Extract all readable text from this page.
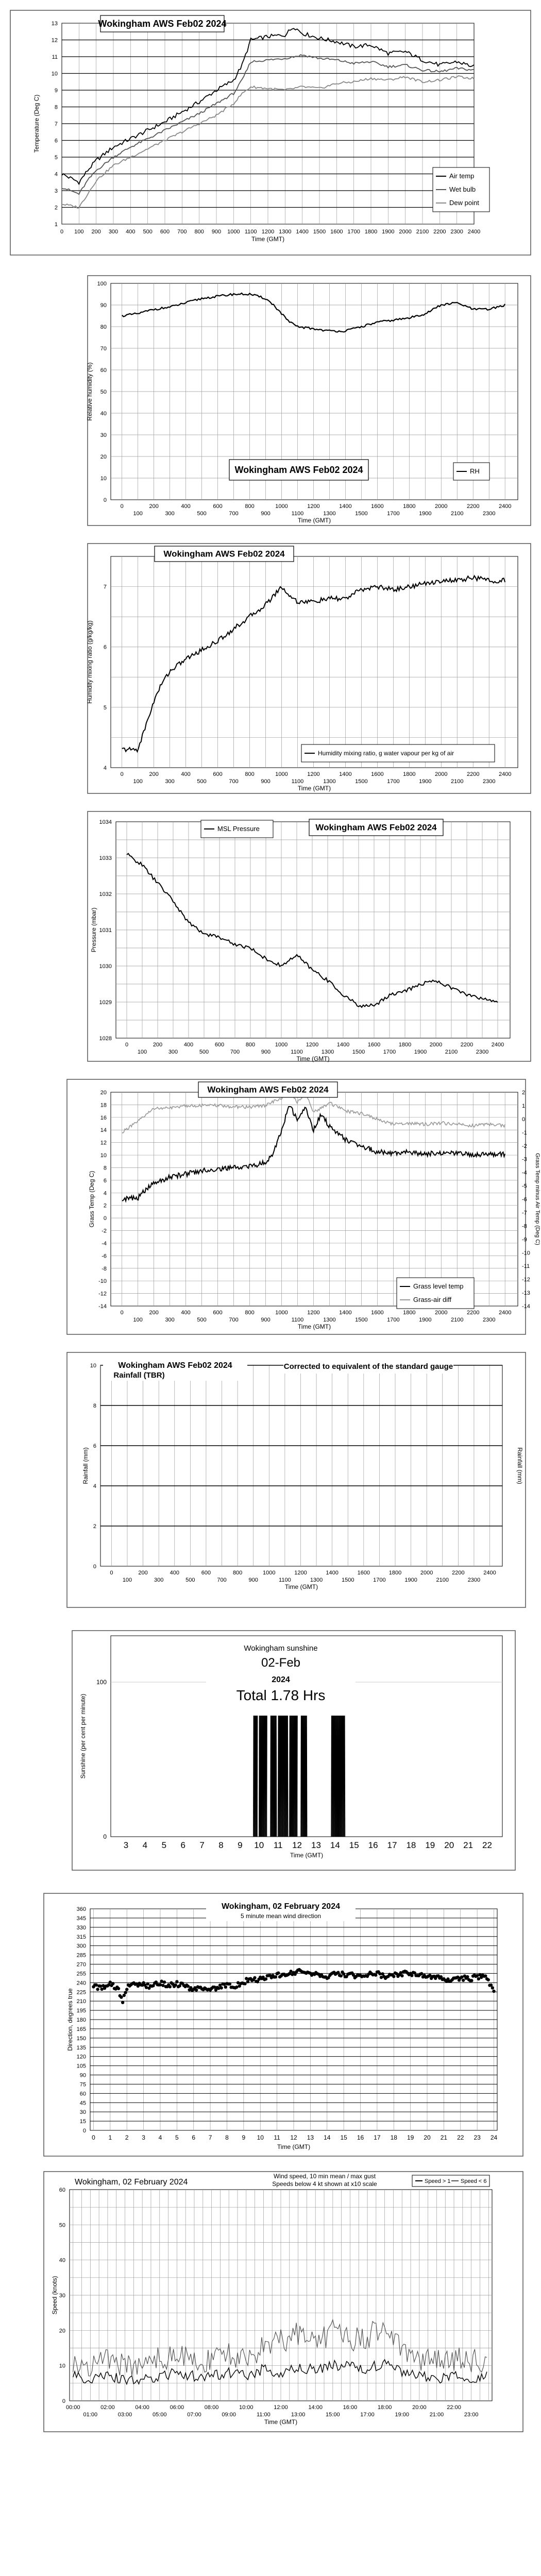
Wokingham AWS Feb02 2024
1
2
3
4
5
6
7
8
9
10
11
12
13
0 100 200 300 400 500 600 700 800 900 1000 1100 1200 1300 1400 1500 1600 1700 1800 1900 2000 2100 2200 2300 2400
Time (GMT)
Temperature (Deg C)
Air temp
Wet bulb
Dew point
0
10
20
30
40
50
60
70
80
90
100
0	200	400	600	800	1000	1200	1400	1600	1800	2000	2200	2400
100	300	500	700	900	1100	1300	1500	1700	1900	2100	2300
Time (GMT)
Relative humidity (%)
Wokingham AWS Feb02 2024	RH
4
5
6
7
0	200	400	600	800	1000	1200	1400	1600	1800	2000	2200	2400
100	300	500	700	900	1100	1300	1500	1700	1900	2100	2300
Time (GMT)
Humidity mixing ratio (g/kg/kg)
Wokingham AWS Feb02 2024
Humidity mixing ratio, g water vapour per kg of air
1028
1029
1030
1031
1032
1033
1034
0	200	400	600	800	1000	1200	1400	1600	1800	2000	2200	2400
100	300	500	700	900	1100	1300	1500	1700	1900	2100	2300
Time (GMT)
Pressure (mbar)
Wokingham AWS Feb02 2024
MSL Pressure
-14
-12
-10
-8
-6
-4
-2
0
2
4
6
8
10
12
14
16
18
20	2
1
0
-1
-2
-3
-4
-5
-6
-7
-8
-9
-10
-11
-12
-13
-14
0	200	400	600	800	1000	1200	1400	1600	1800	2000	2200	2400
100	300	500	700	900	1100	1300	1500	1700	1900	2100	2300
Time (GMT)
Grass Temp (Deg C)	Grass Temp minus Air Temp (Deg C)
Wokingham AWS Feb02 2024
Grass level temp
Grass-air diff
0
2
4
6
8
10
0	200	400	600	800	1000	1200	1400	1600	1800	2000	2200	2400
100	300	500	700	900	1100	1300	1500	1700	1900	2100	2300
Time (GMT)
Rainfall (mm)	Rainfall (mm)
Wokingham AWS Feb02 2024
Rainfall (TBR)
Corrected to equivalent of the standard gauge
Wokingham sunshine
02-Feb
2024
Total 1.78 Hrs
0
100
3 4 5 6 7 8 9 10 11 12 13 14 15 16 17 18 19 20 21 22
Time (GMT)
Sunshine (per cent per minute)
0
15
30
45
60
75
90
105
120
135
150
165
180
195
210
225
240
255
270
285
300
315
330
345
360
0 1 2 3 4 5 6 7 8 9 10 11 12 13 14 15 16 17 18 19 20 21 22 23 24
Time (GMT)
Direction, degrees true
Wokingham, 02 February 2024
5 minute mean wind direction
0
10
20
30
40
50
60
00:00	02:00	04:00	06:00	08:00	10:00	12:00	14:00	16:00	18:00	20:00	22:00
01:00	03:00	05:00	07:00	09:00	11:00	13:00	15:00	17:00	19:00	21:00	23:00
Time (GMT)
Speed (knots)
Wokingham, 02 February 2024
Wind speed, 10 min mean / max gust
Speeds below 4 kt shown at x10 scale	Speed > 1 Speed < 6
